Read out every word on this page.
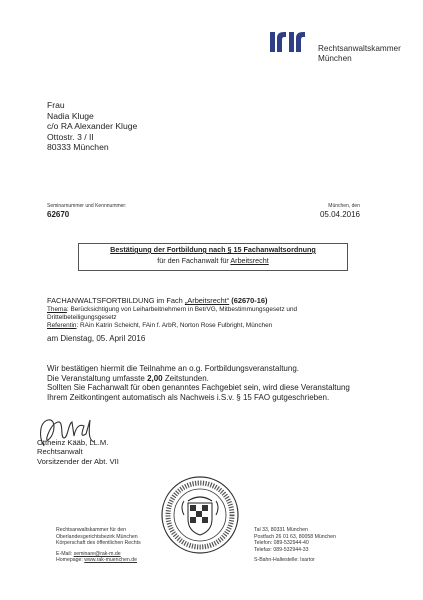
Rechtsanwaltskammer
München
Frau
Nadia Kluge
c/o RA Alexander Kluge
Ottostr. 3 / II
80333 München
Seminarnummer und Kennnummer:
62670
München, den
05.04.2016
Bestätigung der Fortbildung nach § 15 Fachanwaltsordnung
für den Fachanwalt für Arbeitsrecht
FACHANWALTSFORTBILDUNG im Fach „Arbeitsrecht“ (62670-16)
Thema: Berücksichtigung von Leiharbeitnehmern in BetrVG, Mitbestimmungsgesetz und
Drittelbeteiligungsgesetz
Referentin: RAin Katrin Scheicht, FAin f. ArbR, Norton Rose Fulbright, München
am Dienstag, 05. April 2016
Wir bestätigen hiermit die Teilnahme an o.g. Fortbildungsveranstaltung.
Die Veranstaltung umfasste 2,00 Zeitstunden.
Sollten Sie Fachanwalt für oben genanntes Fachgebiet sein, wird diese Veranstaltung
Ihrem Zeitkontingent automatisch als Nachweis i.S.v. § 15 FAO gutgeschrieben.
Ottheinz Kääb, LL.M.
Rechtsanwalt
Vorsitzender der Abt. VII
Rechtsanwaltskammer für den
Oberlandesgerichtsbezirk München
Körperschaft des öffentlichen Rechts
E-Mail: seminare@rak-m.de
Homepage: www.rak-muenchen.de
Tal 33, 80331 München
Postfach 26 01 63, 80058 München
Telefon: 089-532944-40
Telefax: 089-532944-33
S-Bahn-Haltestelle: Isartor
